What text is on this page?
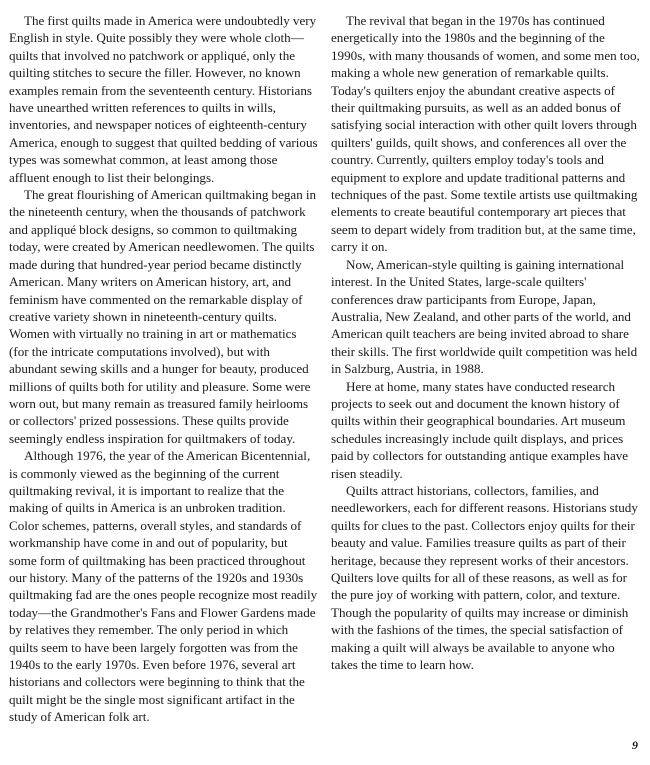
The first quilts made in America were undoubtedly very English in style. Quite possibly they were whole cloth—quilts that involved no patchwork or appliqué, only the quilting stitches to secure the filler. However, no known examples remain from the seventeenth century. Historians have unearthed written references to quilts in wills, inventories, and newspaper notices of eighteenth-century America, enough to suggest that quilted bedding of various types was somewhat common, at least among those affluent enough to list their belongings.

The great flourishing of American quiltmaking began in the nineteenth century, when the thousands of patchwork and appliqué block designs, so common to quiltmaking today, were created by American needlewomen. The quilts made during that hundred-year period became distinctly American. Many writers on American history, art, and feminism have commented on the remarkable display of creative variety shown in nineteenth-century quilts. Women with virtually no training in art or mathematics (for the intricate computations involved), but with abundant sewing skills and a hunger for beauty, produced millions of quilts both for utility and pleasure. Some were worn out, but many remain as treasured family heirlooms or collectors' prized possessions. These quilts provide seemingly endless inspiration for quiltmakers of today.

Although 1976, the year of the American Bicentennial, is commonly viewed as the beginning of the current quiltmaking revival, it is important to realize that the making of quilts in America is an unbroken tradition. Color schemes, patterns, overall styles, and standards of workmanship have come in and out of popularity, but some form of quiltmaking has been practiced throughout our history. Many of the patterns of the 1920s and 1930s quiltmaking fad are the ones people recognize most readily today—the Grandmother's Fans and Flower Gardens made by relatives they remember. The only period in which quilts seem to have been largely forgotten was from the 1940s to the early 1970s. Even before 1976, several art historians and collectors were beginning to think that the quilt might be the single most significant artifact in the study of American folk art.

The revival that began in the 1970s has continued energetically into the 1980s and the beginning of the 1990s, with many thousands of women, and some men too, making a whole new generation of remarkable quilts. Today's quilters enjoy the abundant creative aspects of their quiltmaking pursuits, as well as an added bonus of satisfying social interaction with other quilt lovers through quilters' guilds, quilt shows, and conferences all over the country. Currently, quilters employ today's tools and equipment to explore and update traditional patterns and techniques of the past. Some textile artists use quiltmaking elements to create beautiful contemporary art pieces that seem to depart widely from tradition but, at the same time, carry it on.

Now, American-style quilting is gaining international interest. In the United States, large-scale quilters' conferences draw participants from Europe, Japan, Australia, New Zealand, and other parts of the world, and American quilt teachers are being invited abroad to share their skills. The first worldwide quilt competition was held in Salzburg, Austria, in 1988.

Here at home, many states have conducted research projects to seek out and document the known history of quilts within their geographical boundaries. Art museum schedules increasingly include quilt displays, and prices paid by collectors for outstanding antique examples have risen steadily.

Quilts attract historians, collectors, families, and needleworkers, each for different reasons. Historians study quilts for clues to the past. Collectors enjoy quilts for their beauty and value. Families treasure quilts as part of their heritage, because they represent works of their ancestors. Quilters love quilts for all of these reasons, as well as for the pure joy of working with pattern, color, and texture. Though the popularity of quilts may increase or diminish with the fashions of the times, the special satisfaction of making a quilt will always be available to anyone who takes the time to learn how.

9
